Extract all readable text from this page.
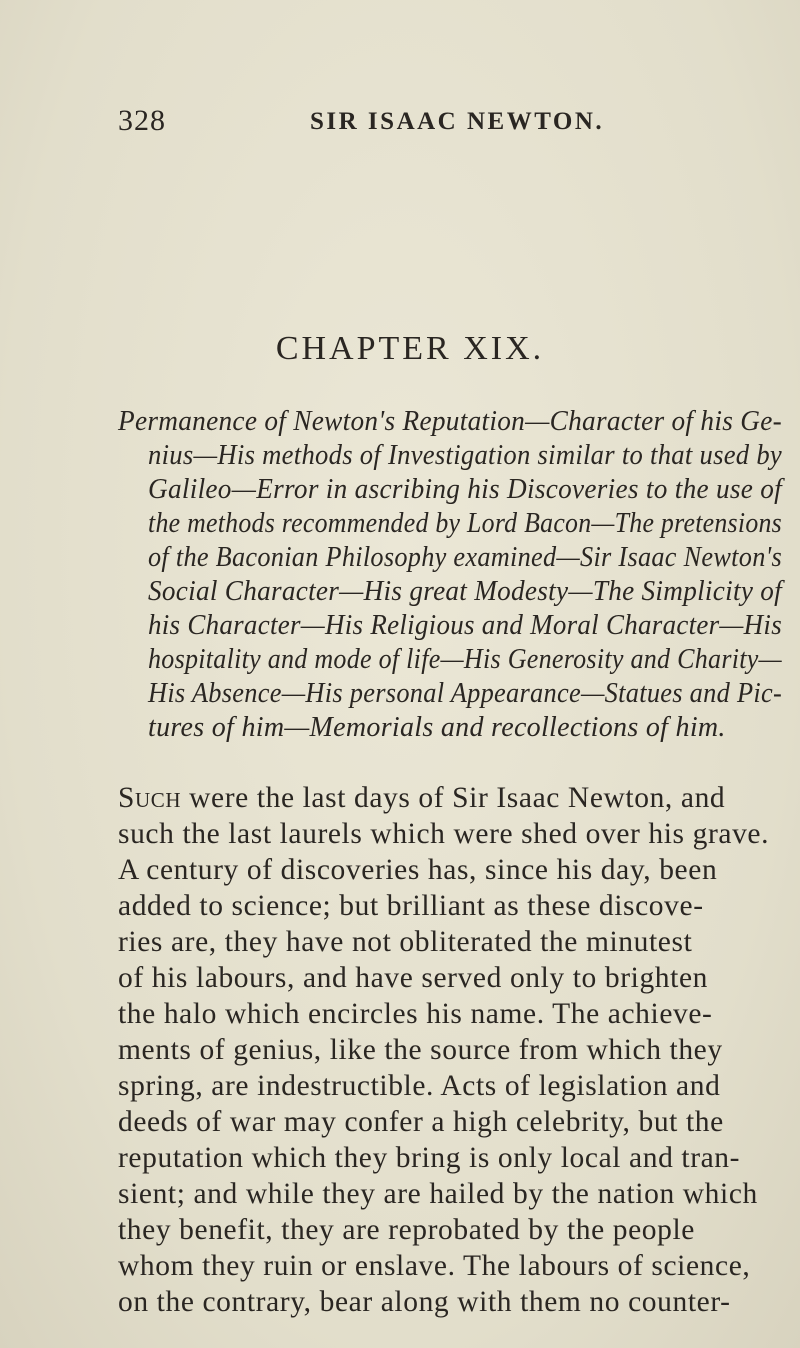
328	SIR ISAAC NEWTON.
CHAPTER XIX.
Permanence of Newton's Reputation—Character of his Ge-
nius—His methods of Investigation similar to that used by
Galileo—Error in ascribing his Discoveries to the use of
the methods recommended by Lord Bacon—The pretensions
of the Baconian Philosophy examined—Sir Isaac Newton's
Social Character—His great Modesty—The Simplicity of
his Character—His Religious and Moral Character—His
hospitality and mode of life—His Generosity and Charity—
His Absence—His personal Appearance—Statues and Pic-
tures of him—Memorials and recollections of him.
Such were the last days of Sir Isaac Newton, and
such the last laurels which were shed over his grave.
A century of discoveries has, since his day, been
added to science; but brilliant as these discove-
ries are, they have not obliterated the minutest
of his labours, and have served only to brighten
the halo which encircles his name. The achieve-
ments of genius, like the source from which they
spring, are indestructible. Acts of legislation and
deeds of war may confer a high celebrity, but the
reputation which they bring is only local and tran-
sient; and while they are hailed by the nation which
they benefit, they are reprobated by the people
whom they ruin or enslave. The labours of science,
on the contrary, bear along with them no counter-
